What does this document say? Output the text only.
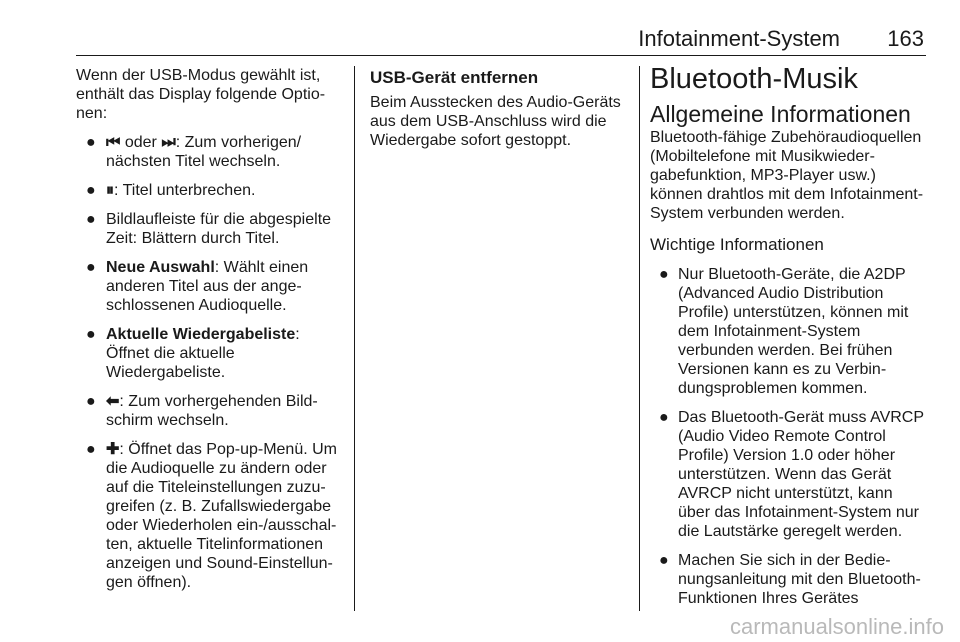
Infotainment-System 163

Wenn der USB-Modus gewählt ist, enthält das Display folgende Optionen:

● ⏮ oder ⏭: Zum vorherigen/ nächsten Titel wechseln.
● ⏸: Titel unterbrechen.
● Bildlaufleiste für die abgespielte Zeit: Blättern durch Titel.
● Neue Auswahl: Wählt einen anderen Titel aus der angeschlossenen Audioquelle.
● Aktuelle Wiedergabeliste: Öffnet die aktuelle Wiedergabeliste.
● ⬅: Zum vorhergehenden Bildschirm wechseln.
● ✚: Öffnet das Pop-up-Menü. Um die Audioquelle zu ändern oder auf die Titeleinstellungen zuzugreifen (z. B. Zufallswiedergabe oder Wiederholen ein-/ausschalten, aktuelle Titelinformationen anzeigen und Sound-Einstellungen öffnen).

USB-Gerät entfernen

Beim Ausstecken des Audio-Geräts aus dem USB-Anschluss wird die Wiedergabe sofort gestoppt.

Bluetooth-Musik

Allgemeine Informationen

Bluetooth-fähige Zubehöraudioquellen (Mobiltelefone mit Musikwiedergabefunktion, MP3-Player usw.) können drahtlos mit dem Infotainment-System verbunden werden.

Wichtige Informationen

● Nur Bluetooth-Geräte, die A2DP (Advanced Audio Distribution Profile) unterstützen, können mit dem Infotainment-System verbunden werden. Bei frühen Versionen kann es zu Verbindungsproblemen kommen.
● Das Bluetooth-Gerät muss AVRCP (Audio Video Remote Control Profile) Version 1.0 oder höher unterstützen. Wenn das Gerät AVRCP nicht unterstützt, kann über das Infotainment-System nur die Lautstärke geregelt werden.
● Machen Sie sich in der Bedienungsanleitung mit den Bluetooth-Funktionen Ihres Gerätes
carmanualsonline.info
